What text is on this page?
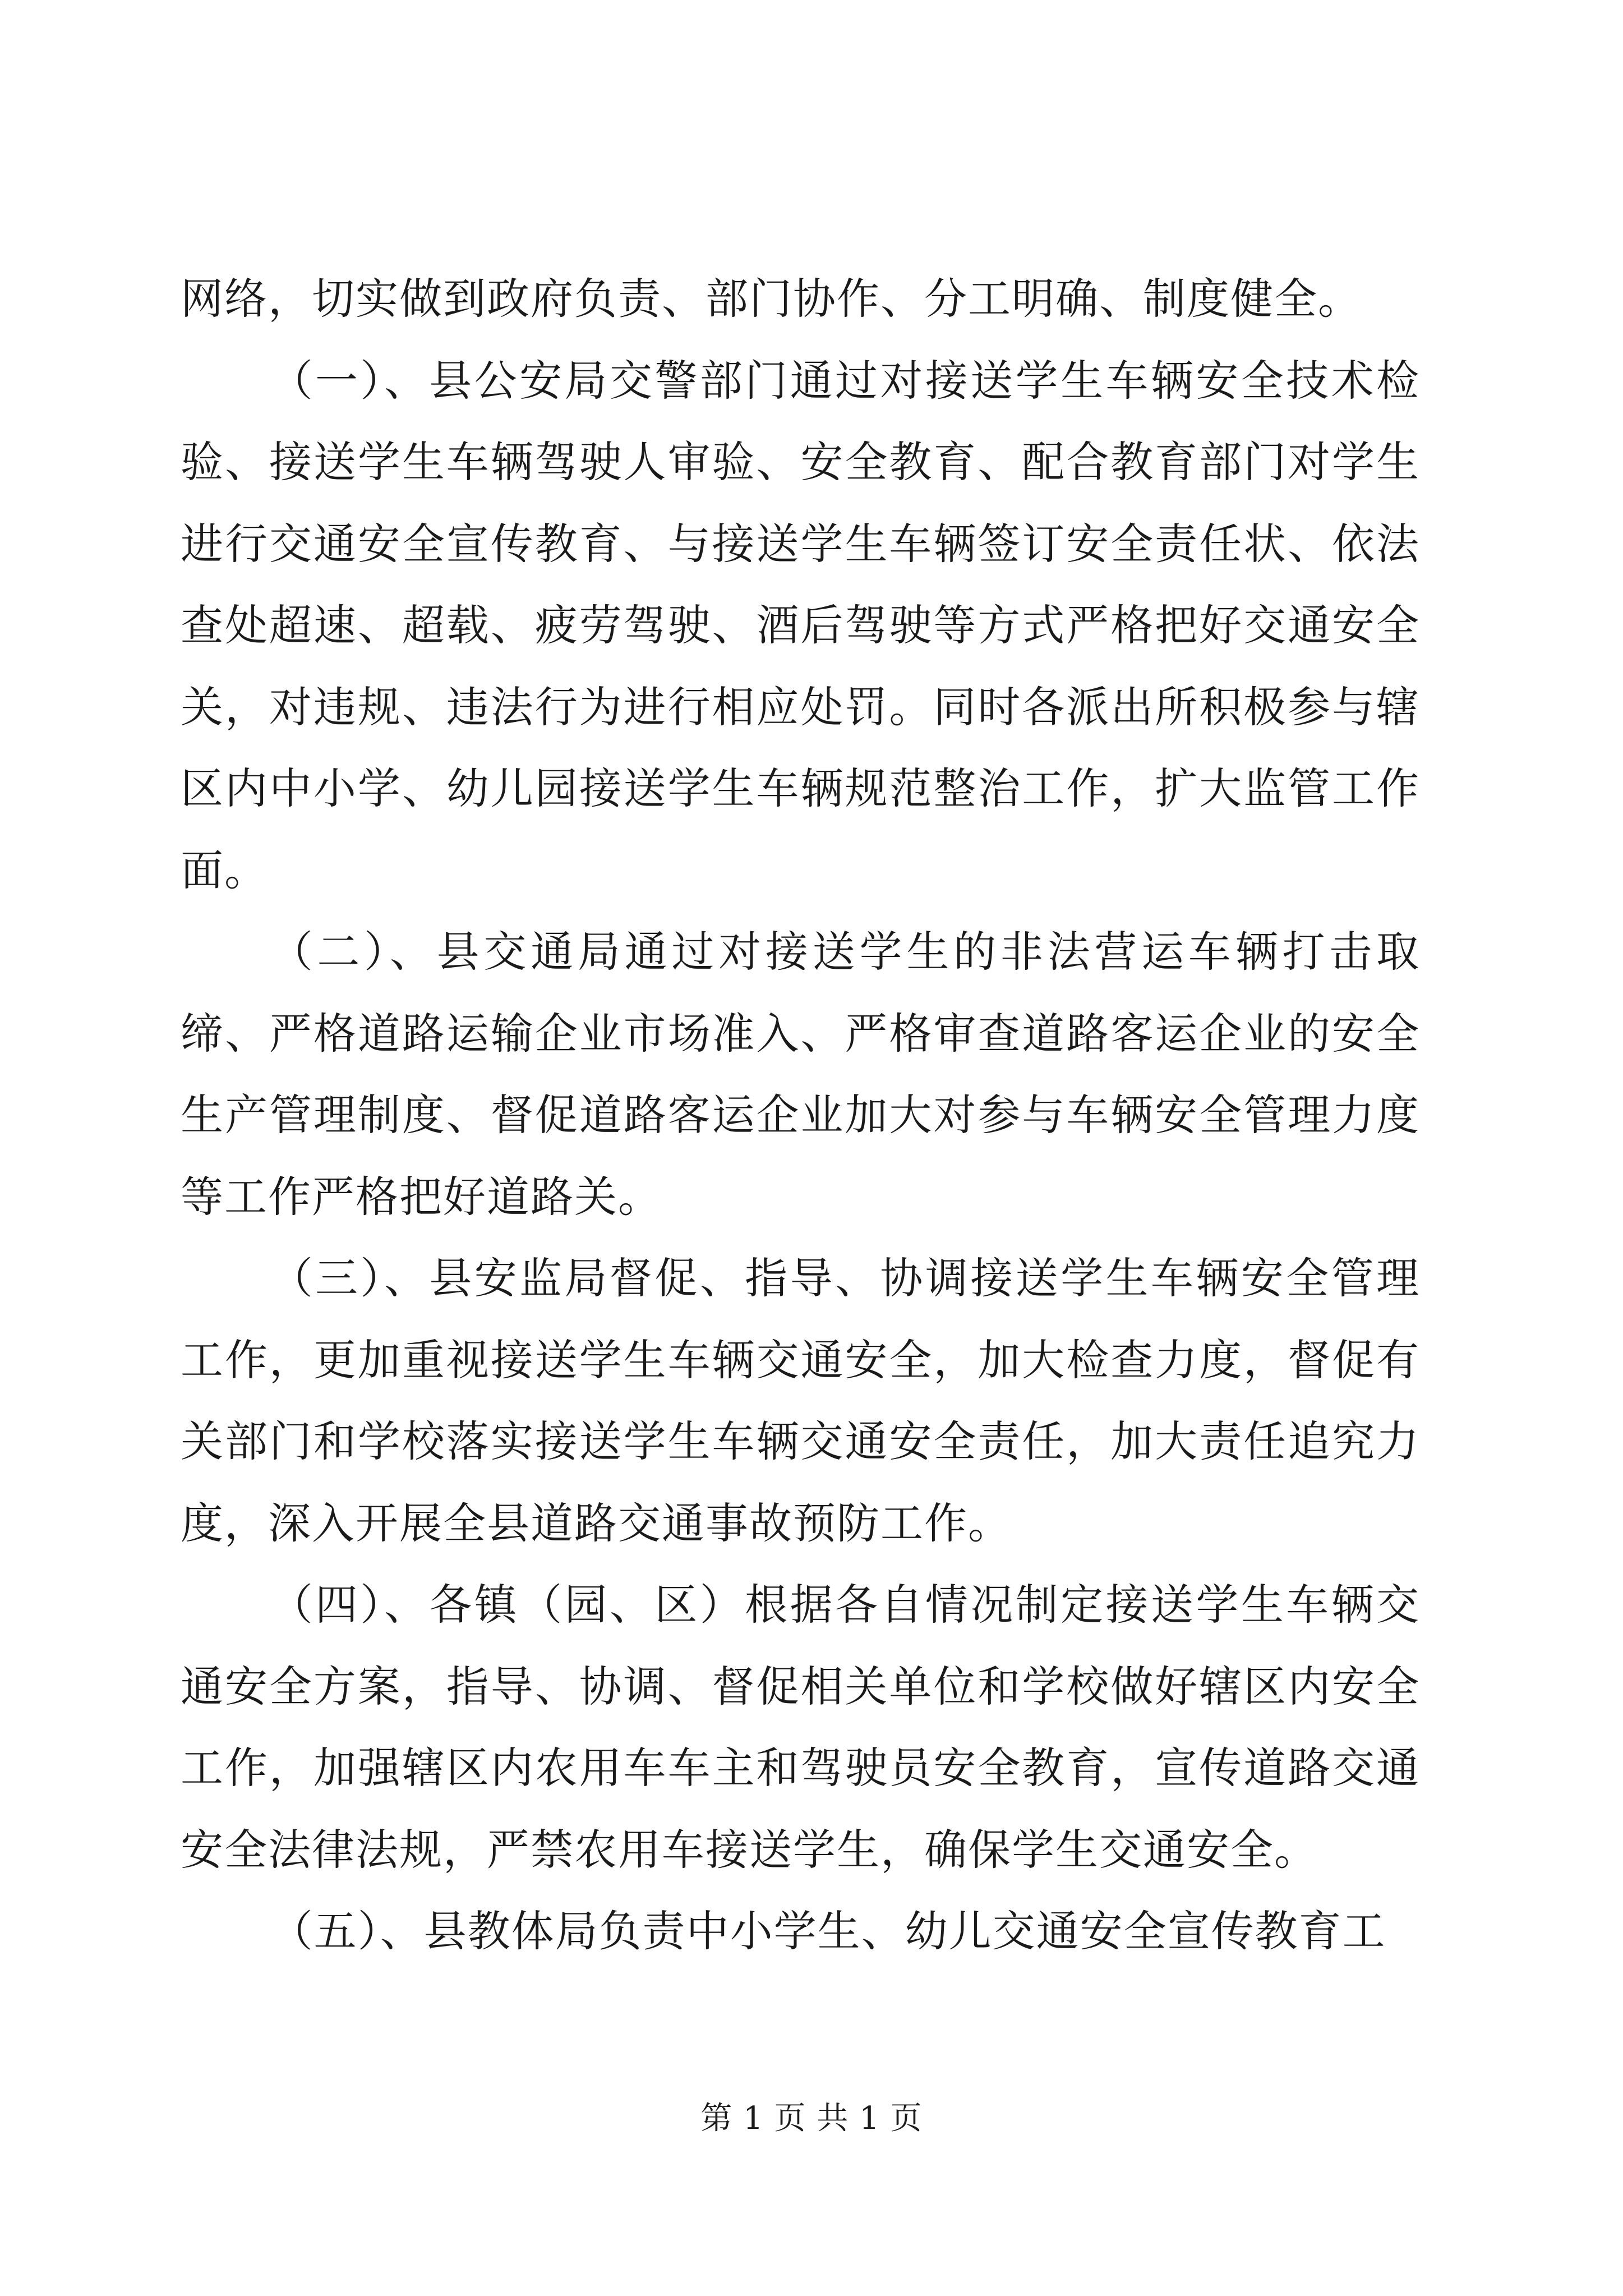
网络，切实做到政府负责、部门协作、分工明确、制度健全。

（一）、县公安局交警部门通过对接送学生车辆安全技术检验、接送学生车辆驾驶人审验、安全教育、配合教育部门对学生进行交通安全宣传教育、与接送学生车辆签订安全责任状、依法查处超速、超载、疲劳驾驶、酒后驾驶等方式严格把好交通安全关，对违规、违法行为进行相应处罚。同时各派出所积极参与辖区内中小学、幼儿园接送学生车辆规范整治工作，扩大监管工作面。

（二）、县交通局通过对接送学生的非法营运车辆打击取缔、严格道路运输企业市场准入、严格审查道路客运企业的安全生产管理制度、督促道路客运企业加大对参与车辆安全管理力度等工作严格把好道路关。

（三）、县安监局督促、指导、协调接送学生车辆安全管理工作，更加重视接送学生车辆交通安全，加大检查力度，督促有关部门和学校落实接送学生车辆交通安全责任，加大责任追究力度，深入开展全县道路交通事故预防工作。

（四）、各镇（园、区）根据各自情况制定接送学生车辆交通安全方案，指导、协调、督促相关单位和学校做好辖区内安全工作，加强辖区内农用车车主和驾驶员安全教育，宣传道路交通安全法律法规，严禁农用车接送学生，确保学生交通安全。

（五）、县教体局负责中小学生、幼儿交通安全宣传教育工

第 1 页 共 1 页
